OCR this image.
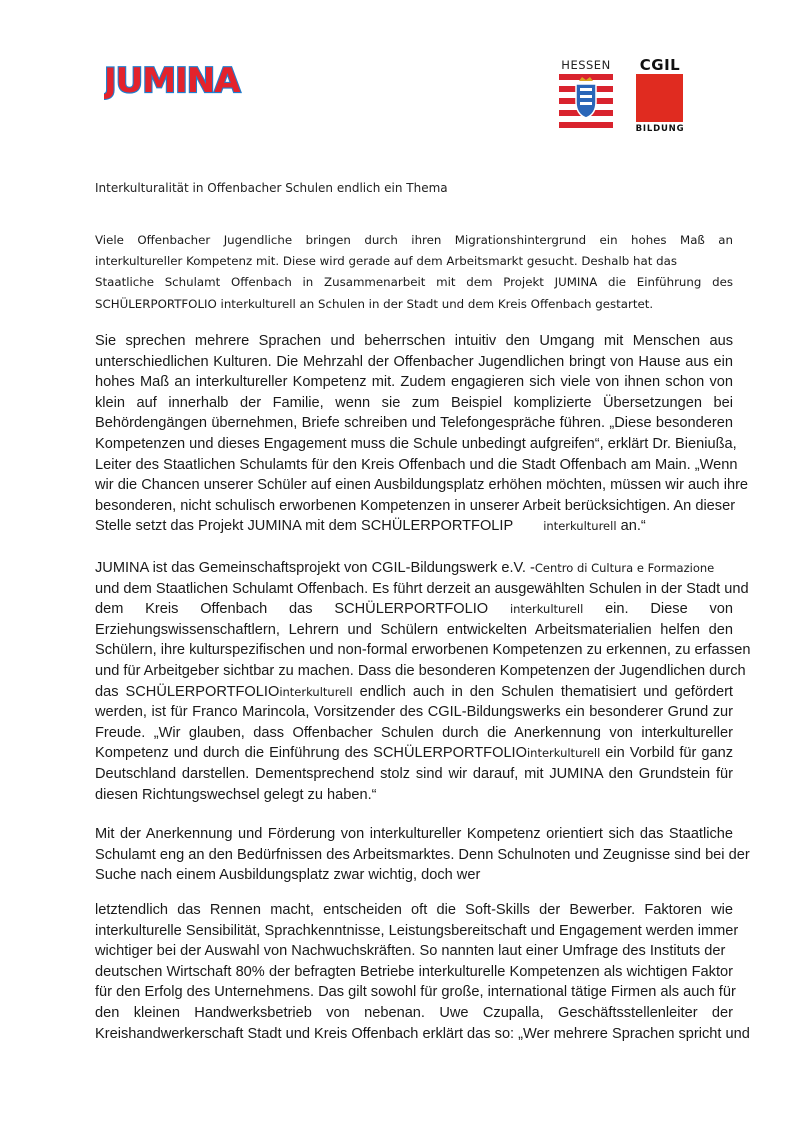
JUMINA	HESSEN	CGIL
BILDUNG
Interkulturalität in Offenbacher Schulen endlich ein Thema
Viele Offenbacher Jugendliche bringen durch ihren Migrationshintergrund ein hohes Maß an
interkultureller Kompetenz mit. Diese wird gerade auf dem Arbeitsmarkt gesucht. Deshalb hat das
Staatliche Schulamt Offenbach in Zusammenarbeit mit dem Projekt JUMINA die Einführung des
SCHÜLERPORTFOLIO interkulturell an Schulen in der Stadt und dem Kreis Offenbach gestartet.
Sie sprechen mehrere Sprachen und beherrschen intuitiv den Umgang mit Menschen aus
unterschiedlichen Kulturen. Die Mehrzahl der Offenbacher Jugendlichen bringt von Hause aus ein
hohes Maß an interkultureller Kompetenz mit. Zudem engagieren sich viele von ihnen schon von
klein auf innerhalb der Familie, wenn sie zum Beispiel komplizierte Übersetzungen bei
Behördengängen übernehmen, Briefe schreiben und Telefongespräche führen. „Diese besonderen
Kompetenzen und dieses Engagement muss die Schule unbedingt aufgreifen“, erklärt Dr. Bieniußa,
Leiter des Staatlichen Schulamts für den Kreis Offenbach und die Stadt Offenbach am Main. „Wenn
wir die Chancen unserer Schüler auf einen Ausbildungsplatz erhöhen möchten, müssen wir auch ihre
besonderen, nicht schulisch erworbenen Kompetenzen in unserer Arbeit berücksichtigen. An dieser
Stelle setzt das Projekt JUMINA mit dem SCHÜLERPORTFOLIP	interkulturell an.“
JUMINA ist das Gemeinschaftsprojekt von CGIL-Bildungswerk e.V. -Centro di Cultura e Formazione
und dem Staatlichen Schulamt Offenbach. Es führt derzeit an ausgewählten Schulen in der Stadt und
dem Kreis Offenbach das SCHÜLERPORTFOLIO interkulturell ein. Diese von
Erziehungswissenschaftlern, Lehrern und Schülern entwickelten Arbeitsmaterialien helfen den
Schülern, ihre kulturspezifischen und non-formal erworbenen Kompetenzen zu erkennen, zu erfassen
und für Arbeitgeber sichtbar zu machen. Dass die besonderen Kompetenzen der Jugendlichen durch
das SCHÜLERPORTFOLIOinterkulturell endlich auch in den Schulen thematisiert und gefördert
werden, ist für Franco Marincola, Vorsitzender des CGIL-Bildungswerks ein besonderer Grund zur
Freude. „Wir glauben, dass Offenbacher Schulen durch die Anerkennung von interkultureller
Kompetenz und durch die Einführung des SCHÜLERPORTFOLIOinterkulturell ein Vorbild für ganz
Deutschland darstellen. Dementsprechend stolz sind wir darauf, mit JUMINA den Grundstein für
diesen Richtungswechsel gelegt zu haben.“
Mit der Anerkennung und Förderung von interkultureller Kompetenz orientiert sich das Staatliche
Schulamt eng an den Bedürfnissen des Arbeitsmarktes. Denn Schulnoten und Zeugnisse sind bei der
Suche nach einem Ausbildungsplatz zwar wichtig, doch wer
letztendlich das Rennen macht, entscheiden oft die Soft-Skills der Bewerber. Faktoren wie
interkulturelle Sensibilität, Sprachkenntnisse, Leistungsbereitschaft und Engagement werden immer
wichtiger bei der Auswahl von Nachwuchskräften. So nannten laut einer Umfrage des Instituts der
deutschen Wirtschaft 80% der befragten Betriebe interkulturelle Kompetenzen als wichtigen Faktor
für den Erfolg des Unternehmens. Das gilt sowohl für große, international tätige Firmen als auch für
den kleinen Handwerksbetrieb von nebenan. Uwe Czupalla, Geschäftsstellenleiter der
Kreishandwerkerschaft Stadt und Kreis Offenbach erklärt das so: „Wer mehrere Sprachen spricht und
